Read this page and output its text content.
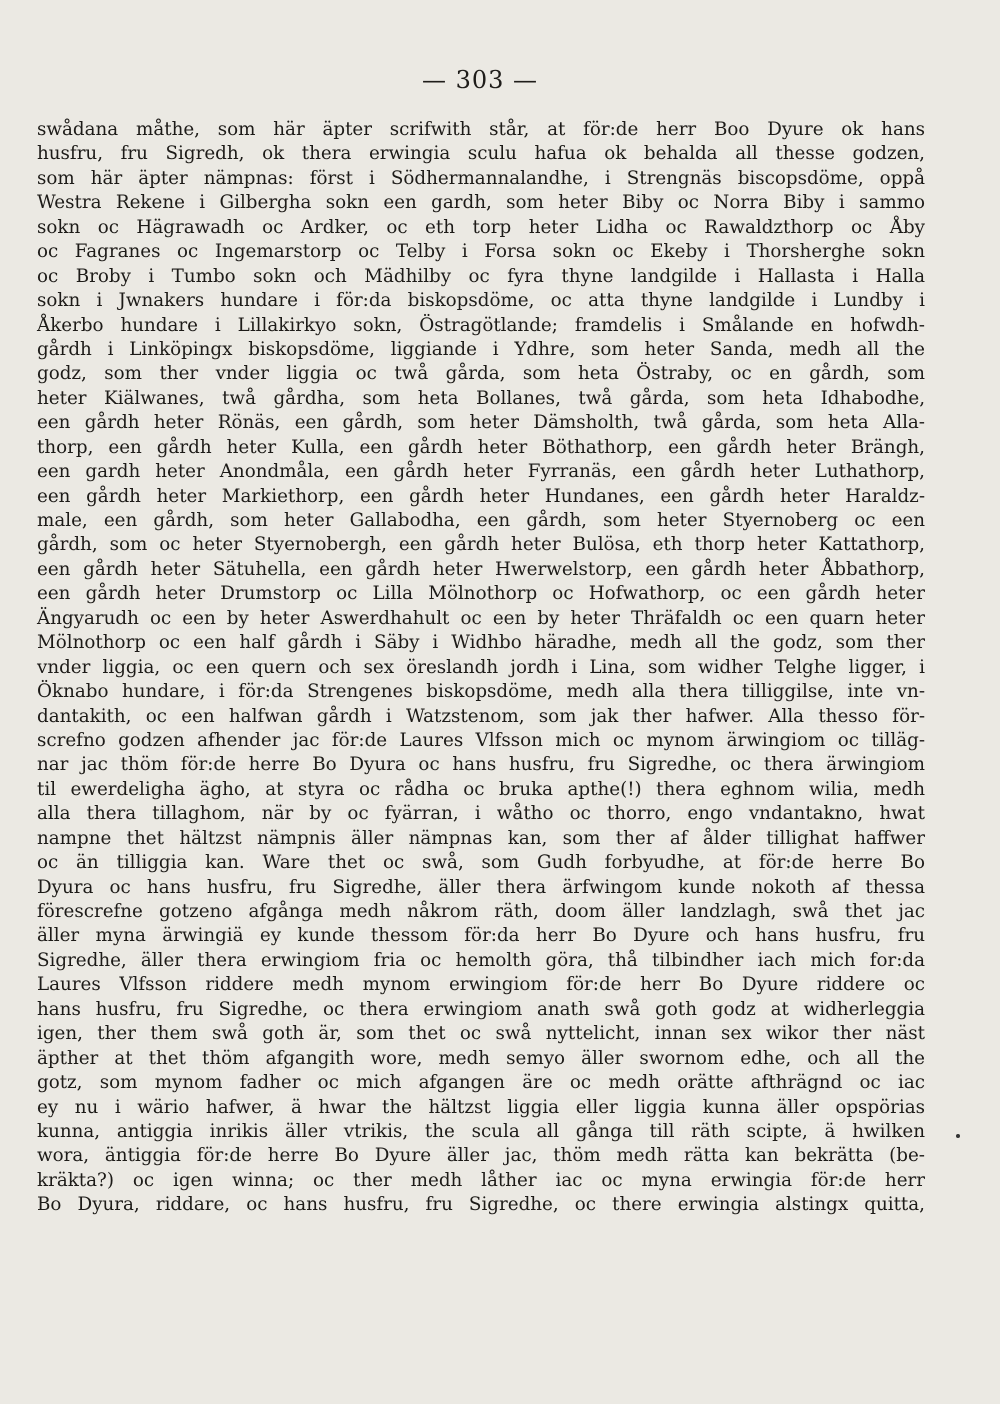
— 303 —
swådana måthe, som här äpter scrifwith står, at för:de herr Boo Dyure ok hans
husfru, fru Sigredh, ok thera erwingia sculu hafua ok behalda all thesse godzen,
som här äpter nämpnas: först i Södhermannalandhe, i Strengnäs biscopsdöme, oppå
Westra Rekene i Gilbergha sokn een gardh, som heter Biby oc Norra Biby i sammo
sokn oc Hägrawadh oc Ardker, oc eth torp heter Lidha oc Rawaldzthorp oc Åby
oc Fagranes oc Ingemarstorp oc Telby i Forsa sokn oc Ekeby i Thorsherghe sokn
oc Broby i Tumbo sokn och Mädhilby oc fyra thyne landgilde i Hallasta i Halla
sokn i Jwnakers hundare i för:da biskopsdöme, oc atta thyne landgilde i Lundby i
Åkerbo hundare i Lillakirkyo sokn, Östragötlande; framdelis i Smålande en hofwdh-
gårdh i Linköpingx biskopsdöme, liggiande i Ydhre, som heter Sanda, medh all the
godz, som ther vnder liggia oc twå gårda, som heta Östraby, oc en gårdh, som
heter Kiälwanes, twå gårdha, som heta Bollanes, twå gårda, som heta Idhabodhe,
een gårdh heter Rönäs, een gårdh, som heter Dämsholth, twå gårda, som heta Alla-
thorp, een gårdh heter Kulla, een gårdh heter Böthathorp, een gårdh heter Brängh,
een gardh heter Anondmåla, een gårdh heter Fyrranäs, een gårdh heter Luthathorp,
een gårdh heter Markiethorp, een gårdh heter Hundanes, een gårdh heter Haraldz-
male, een gårdh, som heter Gallabodha, een gårdh, som heter Styernoberg oc een
gårdh, som oc heter Styernobergh, een gårdh heter Bulösa, eth thorp heter Kattathorp,
een gårdh heter Sätuhella, een gårdh heter Hwerwelstorp, een gårdh heter Åbbathorp,
een gårdh heter Drumstorp oc Lilla Mölnothorp oc Hofwathorp, oc een gårdh heter
Ängyarudh oc een by heter Aswerdhahult oc een by heter Thräfaldh oc een quarn heter
Mölnothorp oc een half gårdh i Säby i Widhbo häradhe, medh all the godz, som ther
vnder liggia, oc een quern och sex öreslandh jordh i Lina, som widher Telghe ligger, i
Öknabo hundare, i för:da Strengenes biskopsdöme, medh alla thera tilliggilse, inte vn-
dantakith, oc een halfwan gårdh i Watzstenom, som jak ther hafwer. Alla thesso för-
screfno godzen afhender jac för:de Laures Vlfsson mich oc mynom ärwingiom oc tilläg-
nar jac thöm för:de herre Bo Dyura oc hans husfru, fru Sigredhe, oc thera ärwingiom
til ewerdeligha ägho, at styra oc rådha oc bruka apthe(!) thera eghnom wilia, medh
alla thera tillaghom, när by oc fyärran, i wåtho oc thorro, engo vndantakno, hwat
nampne thet hältzst nämpnis äller nämpnas kan, som ther af ålder tillighat haffwer
oc än tilliggia kan. Ware thet oc swå, som Gudh forbyudhe, at för:de herre Bo
Dyura oc hans husfru, fru Sigredhe, äller thera ärfwingom kunde nokoth af thessa
förescrefne gotzeno afgånga medh nåkrom räth, doom äller landzlagh, swå thet jac
äller myna ärwingiä ey kunde thessom för:da herr Bo Dyure och hans husfru, fru
Sigredhe, äller thera erwingiom fria oc hemolth göra, thå tilbindher iach mich for:da
Laures Vlfsson riddere medh mynom erwingiom för:de herr Bo Dyure riddere oc
hans husfru, fru Sigredhe, oc thera erwingiom anath swå goth godz at widherleggia
igen, ther them swå goth är, som thet oc swå nyttelicht, innan sex wikor ther näst
äpther at thet thöm afgangith wore, medh semyo äller swornom edhe, och all the
gotz, som mynom fadher oc mich afgangen äre oc medh orätte afthrägnd oc iac
ey nu i wärio hafwer, ä hwar the hältzst liggia eller liggia kunna äller opspörias
kunna, antiggia inrikis äller vtrikis, the scula all gånga till räth scipte, ä hwilken
wora, äntiggia för:de herre Bo Dyure äller jac, thöm medh rätta kan bekrätta (be-
kräkta?) oc igen winna; oc ther medh låther iac oc myna erwingia för:de herr
Bo Dyura, riddare, oc hans husfru, fru Sigredhe, oc there erwingia alstingx quitta,
